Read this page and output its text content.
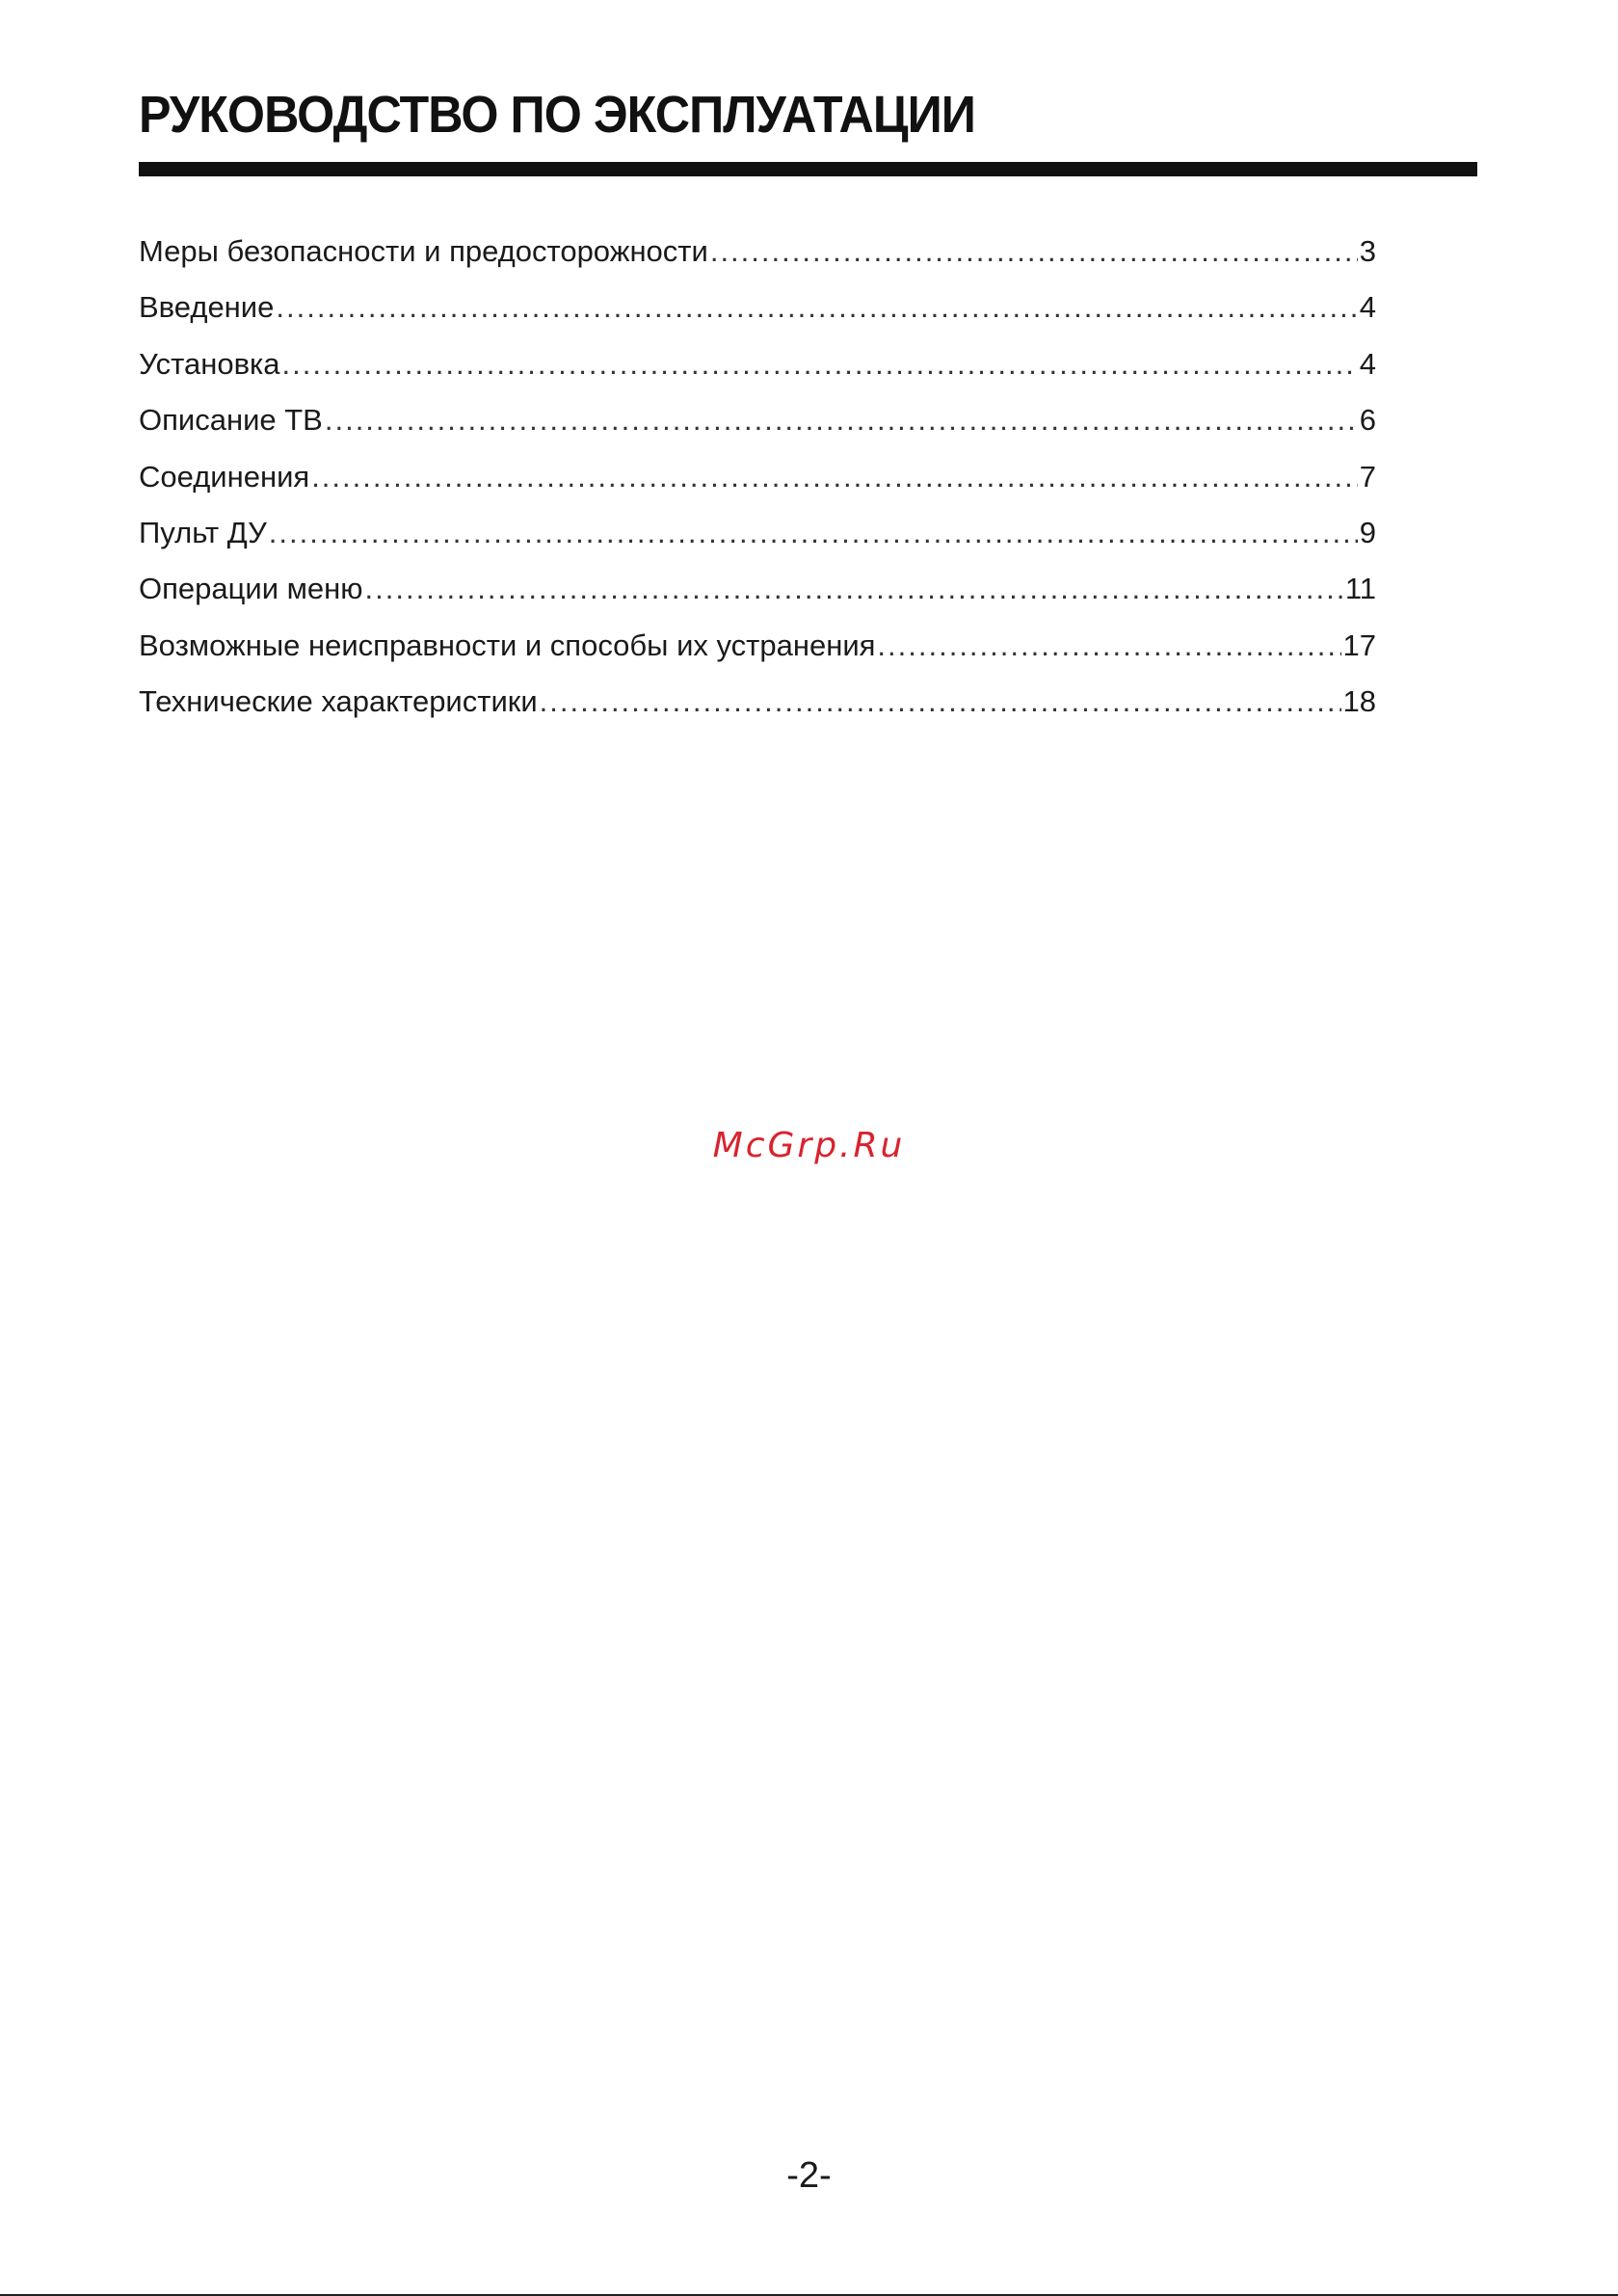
РУКОВОДСТВО ПО ЭКСПЛУАТАЦИИ
Меры безопасности и предосторожности .....	3
Введение .....	4
Установка .....	4
Описание ТВ .....	6
Соединения .....	7
Пульт ДУ .....	9
Операции меню .....	11
Возможные неисправности и способы их устранения .....	17
Технические характеристики .....	18
McGrp.Ru
-2-
